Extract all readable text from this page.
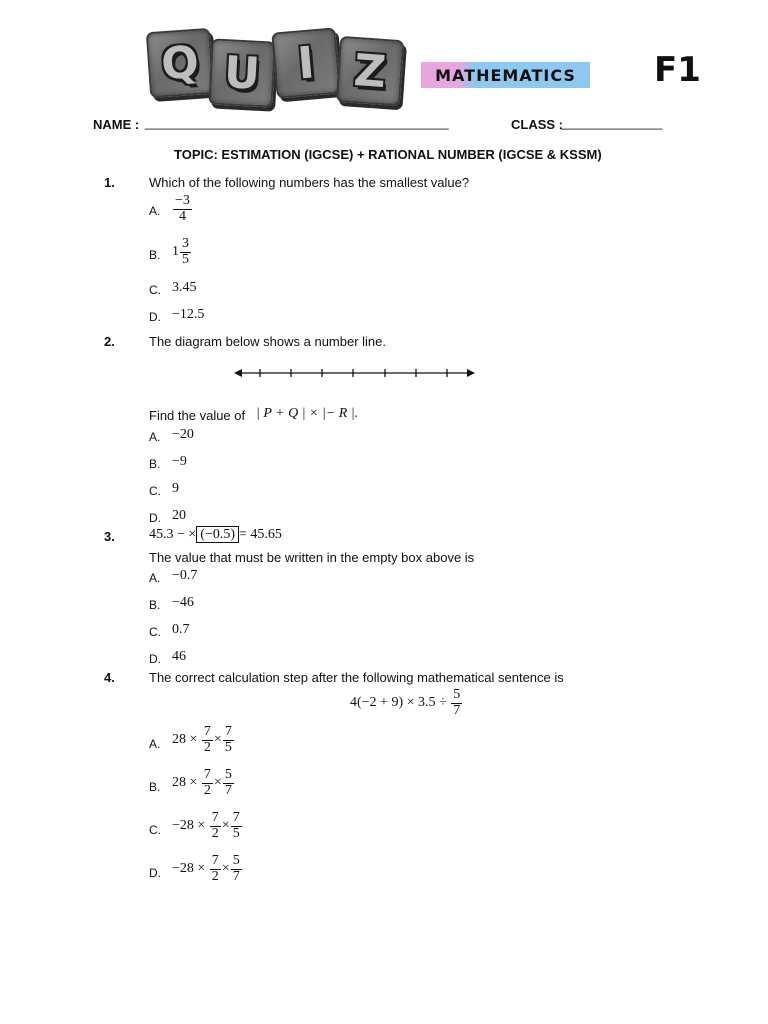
Q U I Z	MATHEMATICS	F1
NAME : __________________________________________	CLASS :
______________
TOPIC: ESTIMATION (IGCSE) + RATIONAL NUMBER (IGCSE & KSSM)
1.	Which of the following numbers has the smallest value?
A. $\frac{-3}{4}$
B. $1 \frac{3}{5}$
C. 3.45
D. −12.5
2.	The diagram below shows a number line.
Find the value of | P + Q | × |− R |.
A. −20
B. −9
C. 9
D. 20
3. 45.3 − × (−0.5) = 45.65
The value that must be written in the empty box above is
A. −0.7
B. −46
C. 0.7
D. 46
4.	The correct calculation step after the following mathematical sentence is
$4(-2 + 9) \times 3.5 \div \frac{5}{7}$
A. $28 \times \frac{7}{2} \times \frac{7}{5}$
B. $28 \times \frac{7}{2} \times \frac{5}{7}$
C. $-28 \times \frac{7}{2} \times \frac{7}{5}$
D. $-28 \times \frac{7}{2} \times \frac{5}{7}$
